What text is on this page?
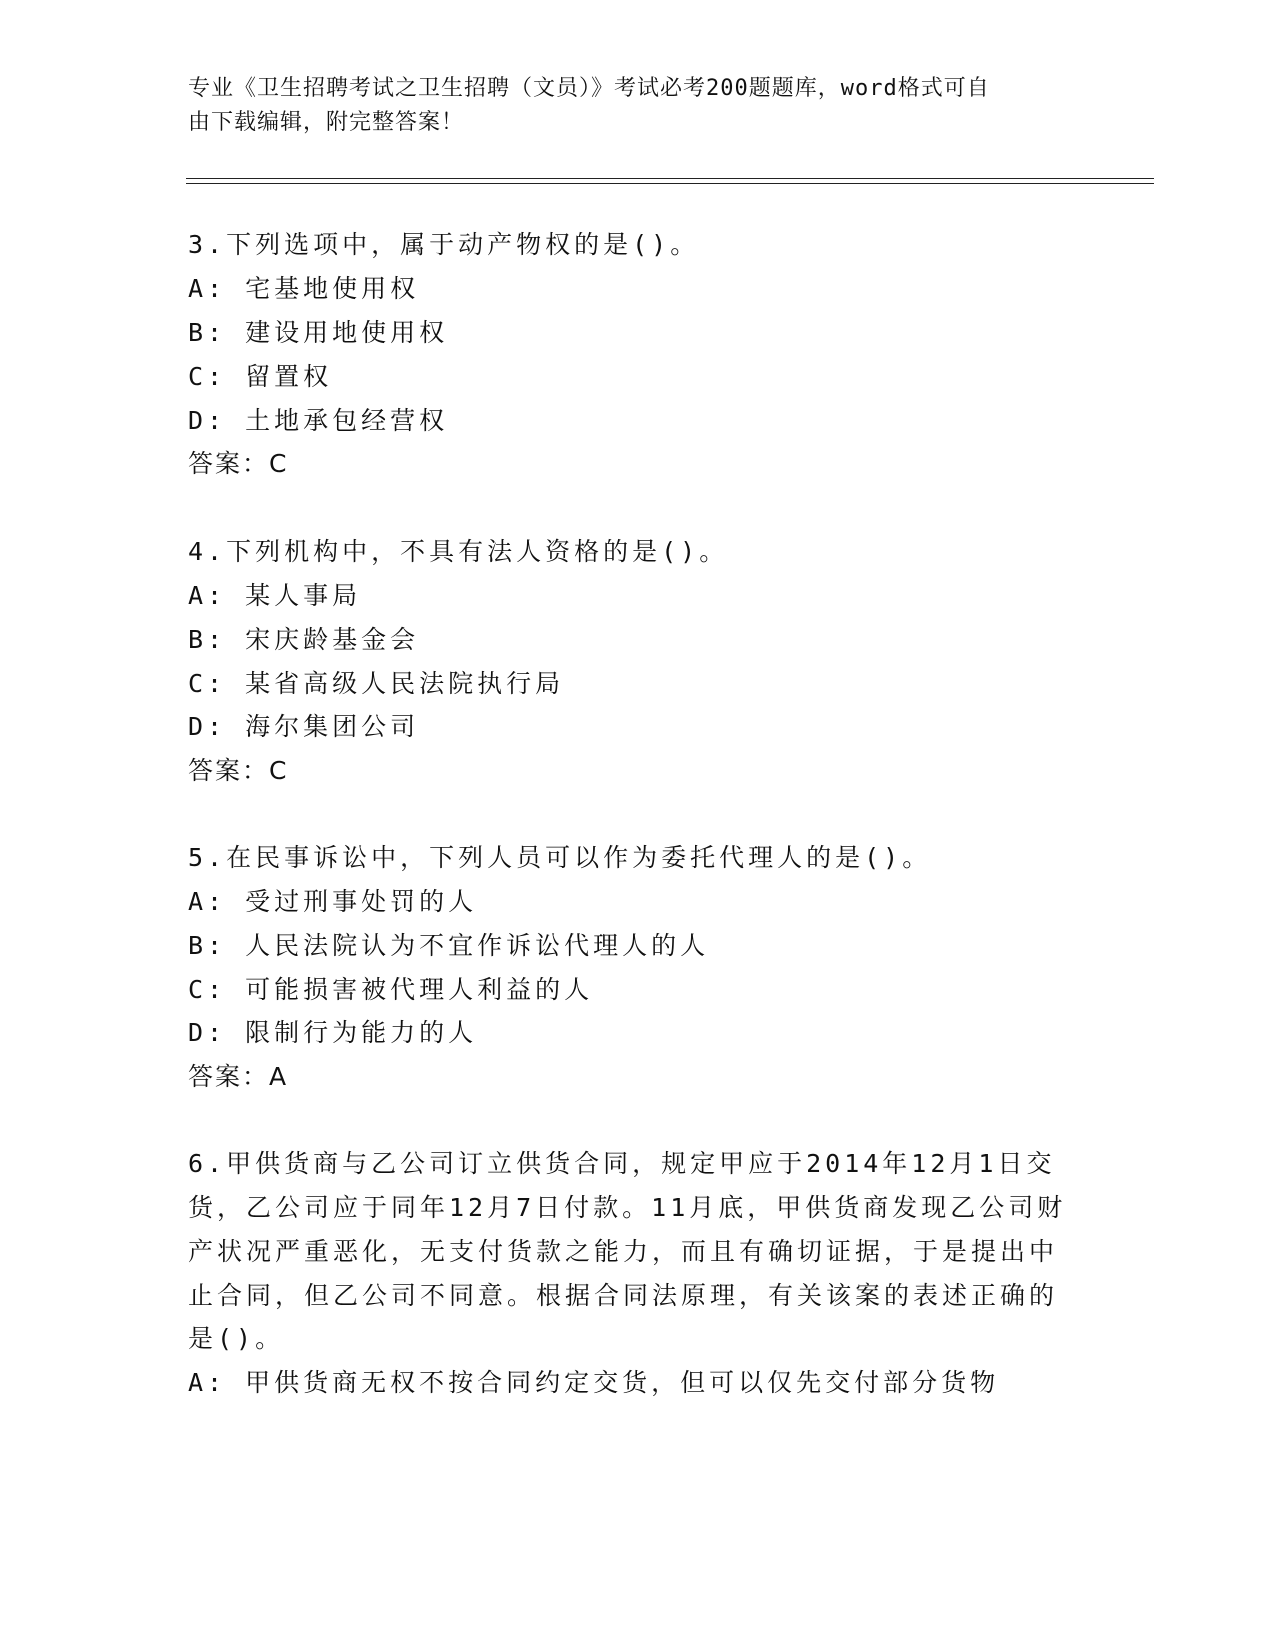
专业《卫生招聘考试之卫生招聘（文员）》考试必考200题题库，word格式可自
由下载编辑，附完整答案！

3.下列选项中，属于动产物权的是()。

A: 宅基地使用权

B: 建设用地使用权

C: 留置权

D: 土地承包经营权

答案：C

4.下列机构中，不具有法人资格的是()。

A: 某人事局

B: 宋庆龄基金会

C: 某省高级人民法院执行局

D: 海尔集团公司

答案：C

5.在民事诉讼中，下列人员可以作为委托代理人的是()。

A: 受过刑事处罚的人

B: 人民法院认为不宜作诉讼代理人的人

C: 可能损害被代理人利益的人

D: 限制行为能力的人

答案：A

6.甲供货商与乙公司订立供货合同，规定甲应于2014年12月1日交

货，乙公司应于同年12月7日付款。11月底，甲供货商发现乙公司财

产状况严重恶化，无支付货款之能力，而且有确切证据，于是提出中

止合同，但乙公司不同意。根据合同法原理，有关该案的表述正确的

是()。

A: 甲供货商无权不按合同约定交货，但可以仅先交付部分货物
